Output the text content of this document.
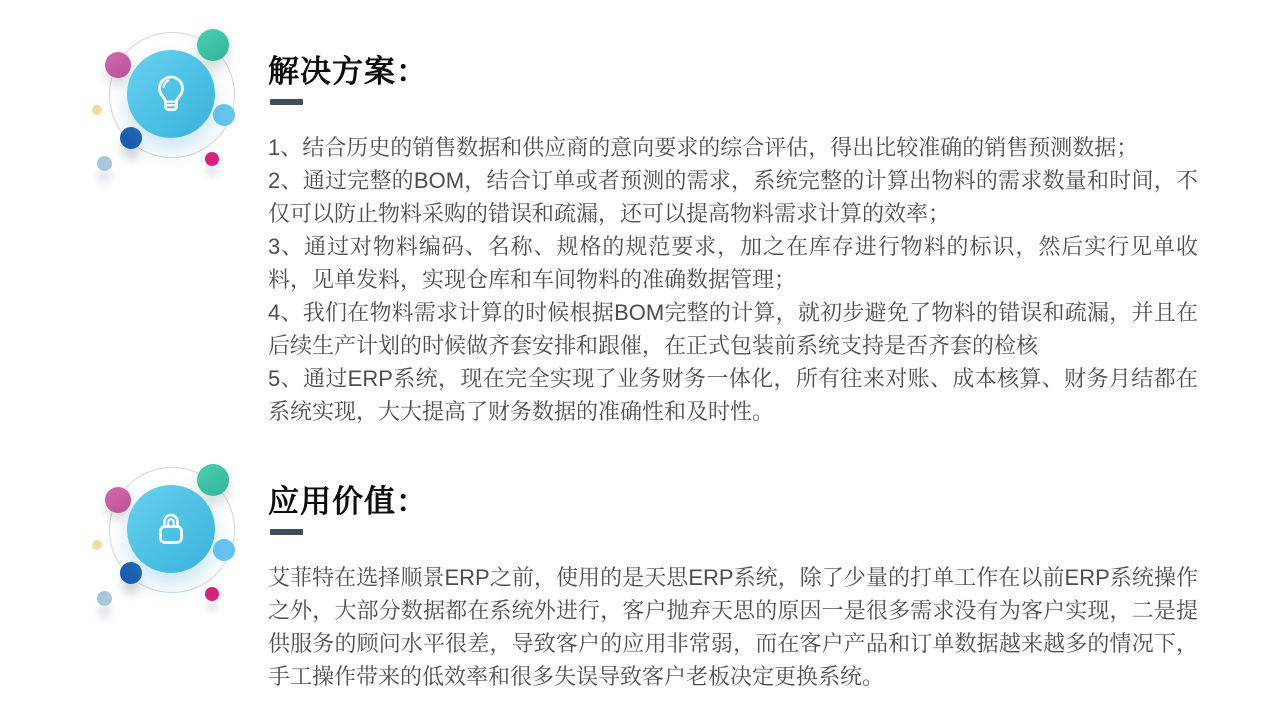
解决方案：

1、结合历史的销售数据和供应商的意向要求的综合评估，得出比较准确的销售预测数据；

2、通过完整的BOM，结合订单或者预测的需求，系统完整的计算出物料的需求数量和时间，不仅可以防止物料采购的错误和疏漏，还可以提高物料需求计算的效率；

3、通过对物料编码、名称、规格的规范要求，加之在库存进行物料的标识，然后实行见单收料，见单发料，实现仓库和车间物料的准确数据管理；

4、我们在物料需求计算的时候根据BOM完整的计算，就初步避免了物料的错误和疏漏，并且在后续生产计划的时候做齐套安排和跟催，在正式包装前系统支持是否齐套的检核

5、通过ERP系统，现在完全实现了业务财务一体化，所有往来对账、成本核算、财务月结都在系统实现，大大提高了财务数据的准确性和及时性。

应用价值：

艾菲特在选择顺景ERP之前，使用的是天思ERP系统，除了少量的打单工作在以前ERP系统操作之外，大部分数据都在系统外进行，客户抛弃天思的原因一是很多需求没有为客户实现，二是提供服务的顾问水平很差，导致客户的应用非常弱，而在客户产品和订单数据越来越多的情况下，手工操作带来的低效率和很多失误导致客户老板决定更换系统。
